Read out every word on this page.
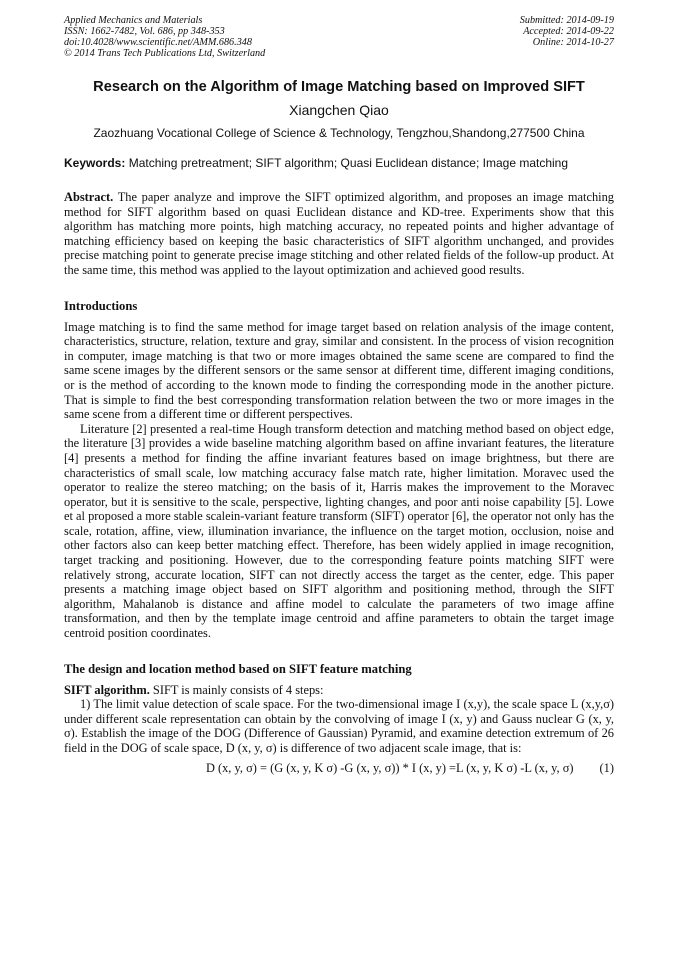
Applied Mechanics and Materials
ISSN: 1662-7482, Vol. 686, pp 348-353
doi:10.4028/www.scientific.net/AMM.686.348
© 2014 Trans Tech Publications Ltd, Switzerland
Submitted: 2014-09-19
Accepted: 2014-09-22
Online: 2014-10-27
Research on the Algorithm of Image Matching based on Improved SIFT
Xiangchen Qiao
Zaozhuang Vocational College of Science & Technology, Tengzhou,Shandong,277500 China
Keywords: Matching pretreatment; SIFT algorithm; Quasi Euclidean distance; Image matching
Abstract. The paper analyze and improve the SIFT optimized algorithm, and proposes an image matching method for SIFT algorithm based on quasi Euclidean distance and KD-tree. Experiments show that this algorithm has matching more points, high matching accuracy, no repeated points and higher advantage of matching efficiency based on keeping the basic characteristics of SIFT algorithm unchanged, and provides precise matching point to generate precise image stitching and other related fields of the follow-up product. At the same time, this method was applied to the layout optimization and achieved good results.
Introductions

Image matching is to find the same method for image target based on relation analysis of the image content, characteristics, structure, relation, texture and gray, similar and consistent. In the process of vision recognition in computer, image matching is that two or more images obtained the same scene are compared to find the same scene images by the different sensors or the same sensor at different time, different imaging conditions, or is the method of according to the known mode to finding the corresponding mode in the another picture. That is simple to find the best corresponding transformation relation between the two or more images in the same scene from a different time or different perspectives.

Literature [2] presented a real-time Hough transform detection and matching method based on object edge, the literature [3] provides a wide baseline matching algorithm based on affine invariant features, the literature [4] presents a method for finding the affine invariant features based on image brightness, but there are characteristics of small scale, low matching accuracy false match rate, higher limitation. Moravec used the operator to realize the stereo matching; on the basis of it, Harris makes the improvement to the Moravec operator, but it is sensitive to the scale, perspective, lighting changes, and poor anti noise capability [5]. Lowe et al proposed a more stable scalein-variant feature transform (SIFT) operator [6], the operator not only has the scale, rotation, affine, view, illumination invariance, the influence on the target motion, occlusion, noise and other factors also can keep better matching effect. Therefore, has been widely applied in image recognition, target tracking and positioning. However, due to the corresponding feature points matching SIFT were relatively strong, accurate location, SIFT can not directly access the target as the center, edge. This paper presents a matching image object based on SIFT algorithm and positioning method, through the SIFT algorithm, Mahalanob is distance and affine model to calculate the parameters of two image affine transformation, and then by the template image centroid and affine parameters to obtain the target image centroid position coordinates.

The design and location method based on SIFT feature matching

SIFT algorithm. SIFT is mainly consists of 4 steps:

1) The limit value detection of scale space. For the two-dimensional image I (x,y), the scale space L (x,y,σ) under different scale representation can obtain by the convolving of image I (x, y) and Gauss nuclear G (x, y, σ). Establish the image of the DOG (Difference of Gaussian) Pyramid, and examine detection extremum of 26 field in the DOG of scale space, D (x, y, σ) is difference of two adjacent scale image, that is:

D (x, y, σ) = (G (x, y, K σ) -G (x, y, σ)) * I (x, y) =L (x, y, K σ) -L (x, y, σ) (1)
